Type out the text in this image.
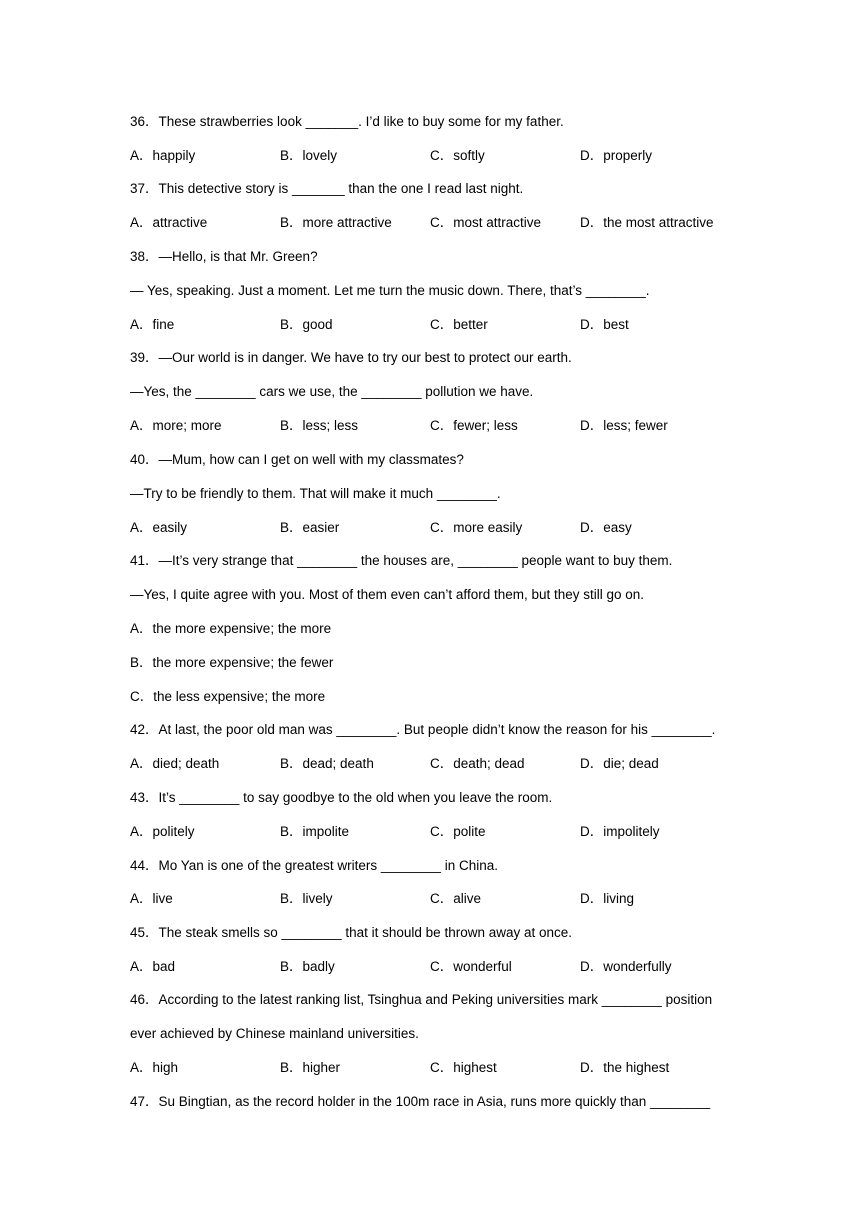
36．These strawberries look _______. I’d like to buy some for my father.
A．happily	B．lovely	C．softly	D．properly
37．This detective story is _______ than the one I read last night.
A．attractive	B．more attractive	C．most attractive	D．the most attractive
38．—Hello, is that Mr. Green?
— Yes, speaking. Just a moment. Let me turn the music down. There, that’s ________.
A．fine	B．good	C．better	D．best
39．—Our world is in danger. We have to try our best to protect our earth.
—Yes, the ________ cars we use, the ________ pollution we have.
A．more; more	B．less; less	C．fewer; less	D．less; fewer
40．—Mum, how can I get on well with my classmates?
—Try to be friendly to them. That will make it much ________.
A．easily	B．easier	C．more easily	D．easy
41．—It’s very strange that ________ the houses are, ________ people want to buy them.
—Yes, I quite agree with you. Most of them even can’t afford them, but they still go on.
A．the more expensive; the more
B．the more expensive; the fewer
C．the less expensive; the more
42．At last, the poor old man was ________. But people didn’t know the reason for his ________.
A．died; death	B．dead; death	C．death; dead	D．die; dead
43．It’s ________ to say goodbye to the old when you leave the room.
A．politely	B．impolite	C．polite	D．impolitely
44．Mo Yan is one of the greatest writers ________ in China.
A．live	B．lively	C．alive	D．living
45．The steak smells so ________ that it should be thrown away at once.
A．bad	B．badly	C．wonderful	D．wonderfully
46．According to the latest ranking list, Tsinghua and Peking universities mark ________ position
ever achieved by Chinese mainland universities.
A．high	B．higher	C．highest	D．the highest
47．Su Bingtian, as the record holder in the 100m race in Asia, runs more quickly than ________
